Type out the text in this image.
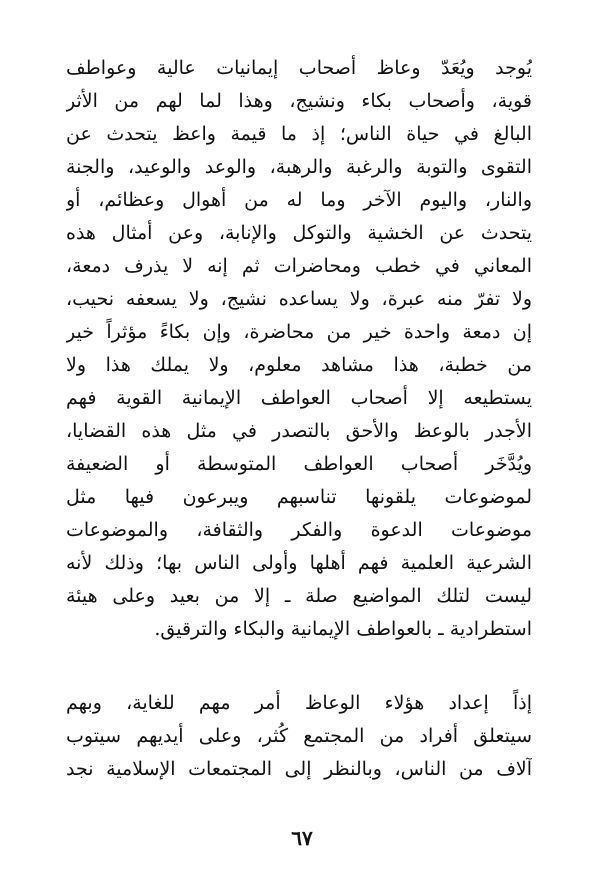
يُوجد ويُعَدّ وعاظ أصحاب إيمانيات عالية وعواطف
قوية، وأصحاب بكاء ونشيج، وهذا لما لهم من الأثر
البالغ في حياة الناس؛ إذ ما قيمة واعظ يتحدث عن
التقوى والتوبة والرغبة والرهبة، والوعد والوعيد، والجنة
والنار، واليوم الآخر وما له من أهوال وعظائم، أو
يتحدث عن الخشية والتوكل والإنابة، وعن أمثال هذه
المعاني في خطب ومحاضرات ثم إنه لا يذرف دمعة،
ولا تفرّ منه عبرة، ولا يساعده نشيج، ولا يسعفه نحيب،
إن دمعة واحدة خير من محاضرة، وإن بكاءً مؤثراً خير
من خطبة، هذا مشاهد معلوم، ولا يملك هذا ولا
يستطيعه إلا أصحاب العواطف الإيمانية القوية فهم
الأجدر بالوعظ والأحق بالتصدر في مثل هذه القضايا،
ويُدَّخَر أصحاب العواطف المتوسطة أو الضعيفة
لموضوعات يلقونها تناسبهم ويبرعون فيها مثل
موضوعات الدعوة والفكر والثقافة، والموضوعات
الشرعية العلمية فهم أهلها وأولى الناس بها؛ وذلك لأنه
ليست لتلك المواضيع صلة ـ إلا من بعيد وعلى هيئة
استطرادية ـ بالعواطف الإيمانية والبكاء والترقيق.
إذاً إعداد هؤلاء الوعاظ أمر مهم للغاية، وبهم
سيتعلق أفراد من المجتمع كُثر، وعلى أيديهم سيتوب
آلاف من الناس، وبالنظر إلى المجتمعات الإسلامية نجد
٦٧
